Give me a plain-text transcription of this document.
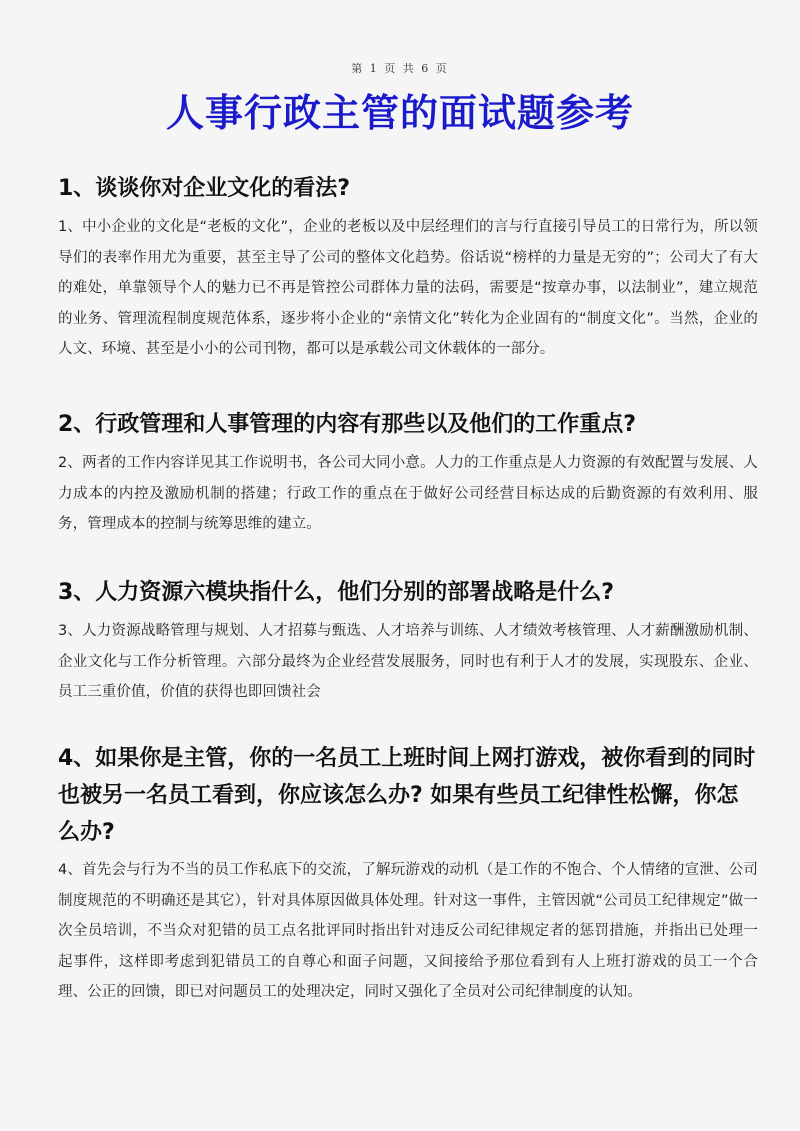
第 1 页 共 6 页
人事行政主管的面试题参考
1、谈谈你对企业文化的看法?

1、中小企业的文化是“老板的文化”，企业的老板以及中层经理们的言与行直接引导员工的日常行为，所以领导们的表率作用尤为重要，甚至主导了公司的整体文化趋势。俗话说“榜样的力量是无穷的”；公司大了有大的难处，单靠领导个人的魅力已不再是管控公司群体力量的法码，需要是“按章办事，以法制业”，建立规范的业务、管理流程制度规范体系，逐步将小企业的“亲情文化”转化为企业固有的“制度文化”。当然，企业的人文、环境、甚至是小小的公司刊物，都可以是承载公司文休载体的一部分。

2、行政管理和人事管理的内容有那些以及他们的工作重点?

2、两者的工作内容详见其工作说明书，各公司大同小意。人力的工作重点是人力资源的有效配置与发展、人力成本的内控及激励机制的搭建；行政工作的重点在于做好公司经营目标达成的后勤资源的有效利用、服务，管理成本的控制与统筹思维的建立。

3、人力资源六模块指什么，他们分别的部署战略是什么?

3、人力资源战略管理与规划、人才招募与甄选、人才培养与训练、人才绩效考核管理、人才薪酬激励机制、企业文化与工作分析管理。六部分最终为企业经营发展服务，同时也有利于人才的发展，实现股东、企业、员工三重价值，价值的获得也即回馈社会

4、如果你是主管，你的一名员工上班时间上网打游戏，被你看到的同时也被另一名员工看到，你应该怎么办? 如果有些员工纪律性松懈，你怎么办?

4、首先会与行为不当的员工作私底下的交流，了解玩游戏的动机（是工作的不饱合、个人情绪的宣泄、公司制度规范的不明确还是其它），针对具体原因做具体处理。针对这一事件，主管因就“公司员工纪律规定”做一次全员培训，不当众对犯错的员工点名批评同时指出针对违反公司纪律规定者的惩罚措施，并指出已处理一起事件，这样即考虑到犯错员工的自尊心和面子问题，又间接给予那位看到有人上班打游戏的员工一个合理、公正的回馈，即已对问题员工的处理决定，同时又强化了全员对公司纪律制度的认知。
